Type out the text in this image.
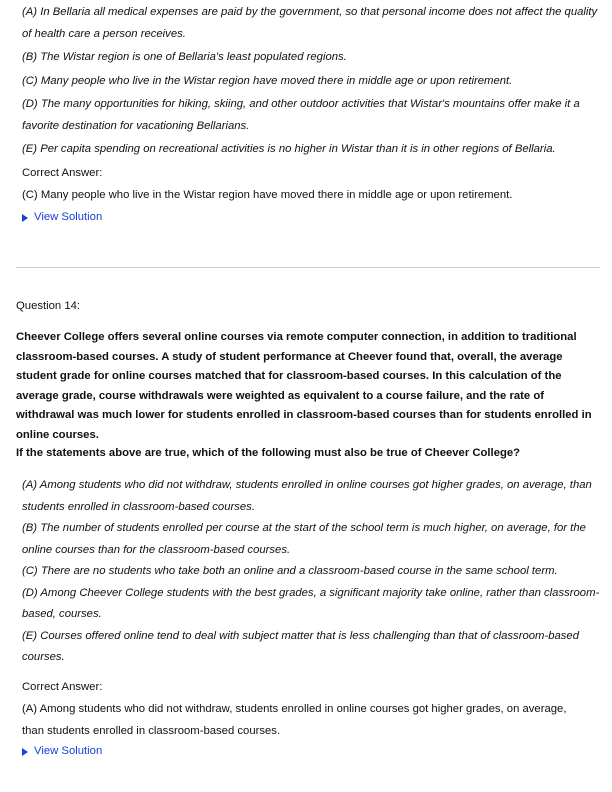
(A) In Bellaria all medical expenses are paid by the government, so that personal income does not affect the quality of health care a person receives.

(B) The Wistar region is one of Bellaria's least populated regions.

(C) Many people who live in the Wistar region have moved there in middle age or upon retirement.

(D) The many opportunities for hiking, skiing, and other outdoor activities that Wistar's mountains offer make it a favorite destination for vacationing Bellarians.

(E) Per capita spending on recreational activities is no higher in Wistar than it is in other regions of Bellaria.

Correct Answer:

(C) Many people who live in the Wistar region have moved there in middle age or upon retirement.

View Solution

Question 14:

Cheever College offers several online courses via remote computer connection, in addition to traditional classroom-based courses. A study of student performance at Cheever found that, overall, the average student grade for online courses matched that for classroom-based courses. In this calculation of the average grade, course withdrawals were weighted as equivalent to a course failure, and the rate of withdrawal was much lower for students enrolled in classroom-based courses than for students enrolled in online courses.

If the statements above are true, which of the following must also be true of Cheever College?

(A) Among students who did not withdraw, students enrolled in online courses got higher grades, on average, than students enrolled in classroom-based courses.

(B) The number of students enrolled per course at the start of the school term is much higher, on average, for the online courses than for the classroom-based courses.

(C) There are no students who take both an online and a classroom-based course in the same school term.

(D) Among Cheever College students with the best grades, a significant majority take online, rather than classroom-based, courses.

(E) Courses offered online tend to deal with subject matter that is less challenging than that of classroom-based courses.

Correct Answer:

(A) Among students who did not withdraw, students enrolled in online courses got higher grades, on average, than students enrolled in classroom-based courses.

View Solution
